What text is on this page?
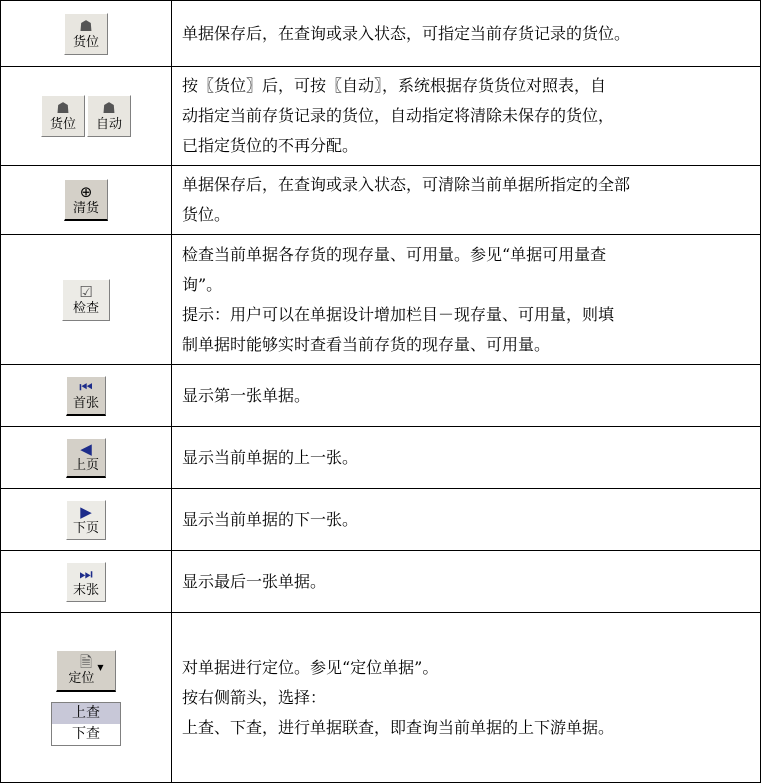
☗
货位	单据保存后，在查询或录入状态，可指定当前存货记录的货位。

☗
货位
☗
自动	按〖货位〗后，可按〖自动〗，系统根据存货货位对照表，自
动指定当前存货记录的货位，自动指定将清除未保存的货位，
已指定货位的不再分配。

⊕
清货	单据保存后，在查询或录入状态，可清除当前单据所指定的全部
货位。

☑
检查	检查当前单据各存货的现存量、可用量。参见“单据可用量查
询”。
提示：用户可以在单据设计增加栏目－现存量、可用量，则填
制单据时能够实时查看当前存货的现存量、可用量。

⏮
首张	显示第一张单据。

◀
上页	显示当前单据的上一张。

▶
下页	显示当前单据的下一张。

⏭
末张	显示最后一张单据。

🗎
定位▼
上查
下查	对单据进行定位。参见“定位单据”。
按右侧箭头，选择：
上查、下查，进行单据联查，即查询当前单据的上下游单据。
